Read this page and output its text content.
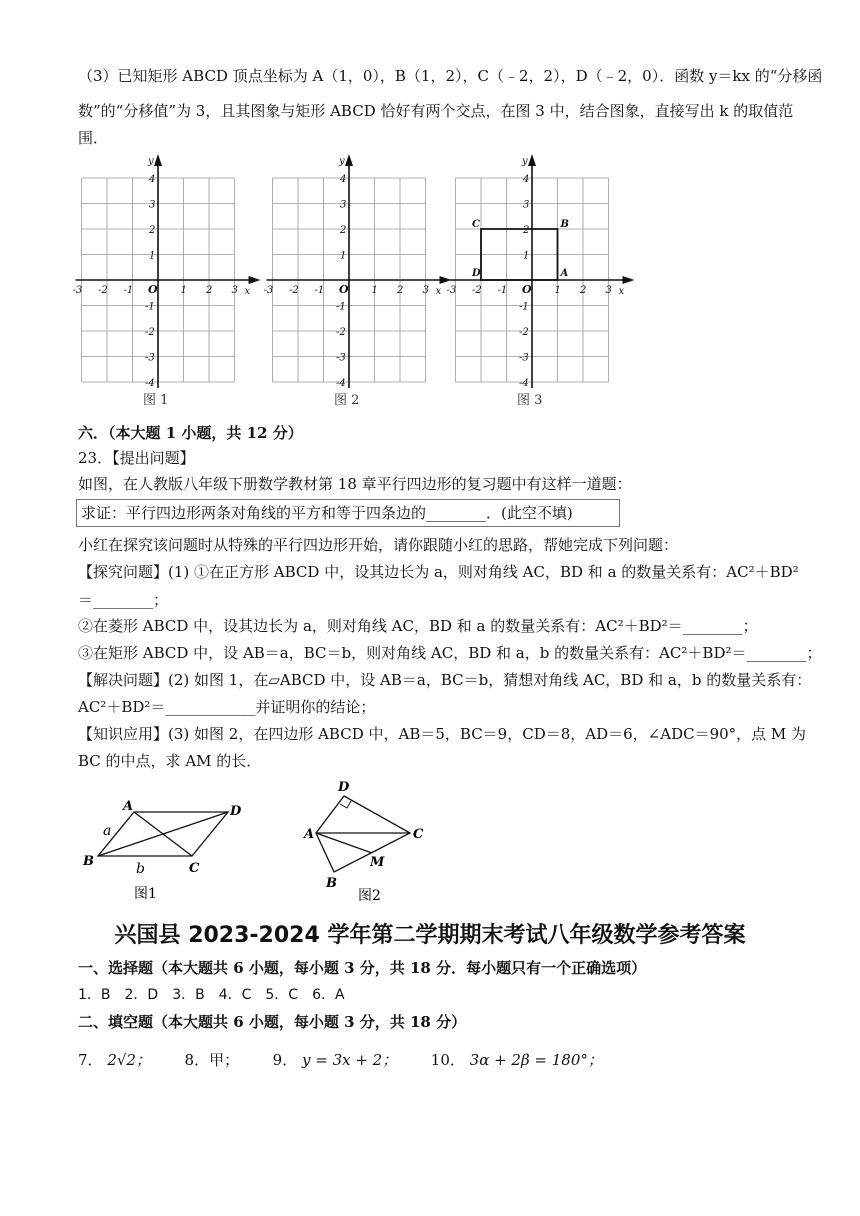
（3）已知矩形 ABCD 顶点坐标为 A（1，0），B（1，2），C（﹣2，2），D（﹣2，0）．函数 y＝kx 的“分移函
数”的“分移值”为 3，且其图象与矩形 ABCD 恰好有两个交点，在图 3 中，结合图象，直接写出 k 的取值范
围．
x
y
-3 -2 -1 O 1 2 3
4
3
2
1
-1
-2
-3
-4
图 1
x
y
-3 -2 -1 O 1 2 3
4
3
2
1
-1
-2
-3
-4
图 2
x
y
-3 -2 -1 O 1 2 3
4
3
2
1
-1
-2
-3
-4
图 3
B
C
D	A
六．（本大题 1 小题，共 12 分）
23．【提出问题】
如图，在人教版八年级下册数学教材第 18 章平行四边形的复习题中有这样一道题：
求证：平行四边形两条对角线的平方和等于四条边的________．(此空不填)
小红在探究该问题时从特殊的平行四边形开始，请你跟随小红的思路，帮她完成下列问题：
【探究问题】(1) ①在正方形 ABCD 中，设其边长为 a，则对角线 AC，BD 和 a 的数量关系有：AC²＋BD²
＝________；
②在菱形 ABCD 中，设其边长为 a，则对角线 AC，BD 和 a 的数量关系有：AC²＋BD²＝________；
③在矩形 ABCD 中，设 AB＝a，BC＝b，则对角线 AC，BD 和 a，b 的数量关系有：AC²＋BD²＝________；
【解决问题】(2) 如图 1，在▱ABCD 中，设 AB＝a，BC＝b，猜想对角线 AC，BD 和 a，b 的数量关系有：
AC²＋BD²＝____________并证明你的结论；
【知识应用】(3) 如图 2，在四边形 ABCD 中，AB＝5，BC＝9，CD＝8，AD＝6，∠ADC＝90°，点 M 为
BC 的中点，求 AM 的长．
A	D
B	C
a
b
图1
D
A	C
M
B
图2
兴国县 2023-2024 学年第二学期期末考试八年级数学参考答案
一、选择题（本大题共 6 小题，每小题 3 分，共 18 分．每小题只有一个正确选项）
1．B　2．D　3．B　4．C　5．C　6．A
二、填空题（本大题共 6 小题，每小题 3 分，共 18 分）
7． 2√2； 8．甲； 9． y = 3x + 2； 10． 3α + 2β = 180°；
